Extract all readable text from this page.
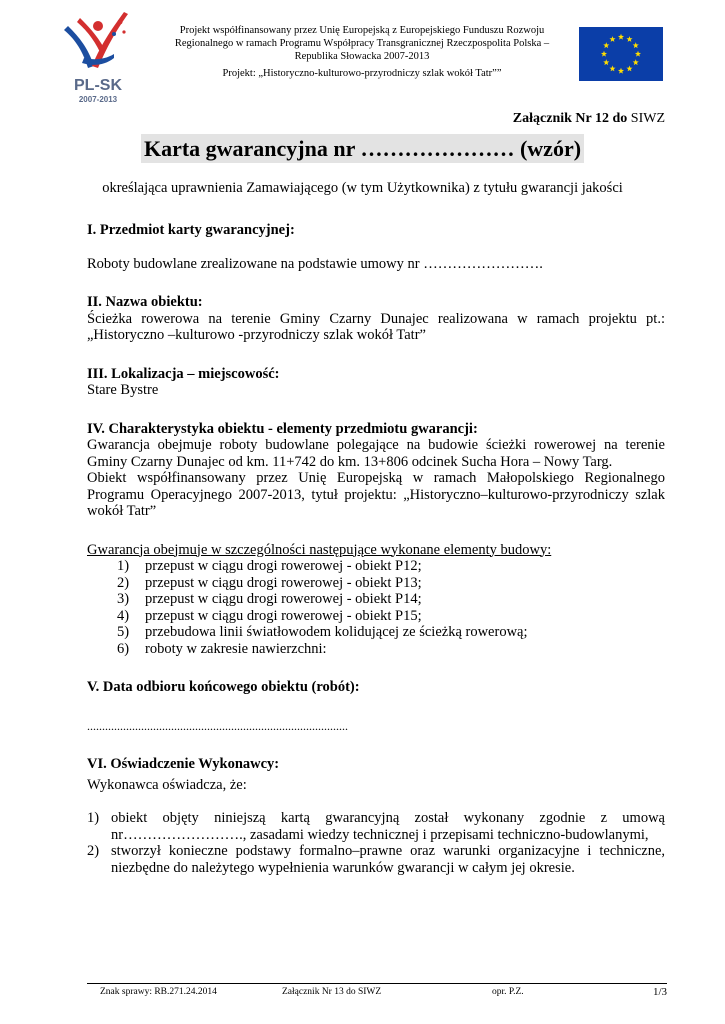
PL-SK
2007-2013

Projekt współfinansowany przez Unię Europejską z Europejskiego Funduszu Rozwoju

Regionalnego w ramach Programu Współpracy Transgranicznej Rzeczpospolita Polska –

Republika Słowacka 2007-2013

Projekt: „Historyczno-kulturowo-przyrodniczy szlak wokół Tatr””

Załącznik Nr 12 do SIWZ
Karta gwarancyjna nr ………………… (wzór)
określająca uprawnienia Zamawiającego (w tym Użytkownika) z tytułu gwarancji jakości

I. Przedmiot karty gwarancyjnej:

Roboty budowlane zrealizowane na podstawie umowy nr …………………….

II. Nazwa obiektu:

Ścieżka rowerowa na terenie Gminy Czarny Dunajec realizowana w ramach projektu pt.: „Historyczno –kulturowo -przyrodniczy szlak wokół Tatr”

III. Lokalizacja – miejscowość:

Stare Bystre

IV. Charakterystyka obiektu - elementy przedmiotu gwarancji:

Gwarancja obejmuje roboty budowlane polegające na budowie ścieżki rowerowej na terenie Gminy Czarny Dunajec od km. 11+742 do km. 13+806 odcinek Sucha Hora – Nowy Targ.

Obiekt współfinansowany przez Unię Europejską w ramach Małopolskiego Regionalnego Programu Operacyjnego 2007-2013, tytuł projektu: „Historyczno–kulturowo-przyrodniczy szlak wokół Tatr”

Gwarancja obejmuje w szczególności następujące wykonane elementy budowy:

1) przepust w ciągu drogi rowerowej - obiekt P12;
2) przepust w ciągu drogi rowerowej - obiekt P13;
3) przepust w ciągu drogi rowerowej - obiekt P14;
4) przepust w ciągu drogi rowerowej - obiekt P15;
5) przebudowa linii światłowodem kolidującej ze ścieżką rowerową;
6) roboty w zakresie nawierzchni:

V. Data odbioru końcowego obiektu (robót):

.......................................................................................

VI. Oświadczenie Wykonawcy:

Wykonawca oświadcza, że:

1) obiekt objęty niniejszą kartą gwarancyjną został wykonany zgodnie z umową nr……………………., zasadami wiedzy technicznej i przepisami techniczno-budowlanymi,
2) stworzył konieczne podstawy formalno–prawne oraz warunki organizacyjne i techniczne, niezbędne do należytego wypełnienia warunków gwarancji w całym jej okresie.
Znak sprawy: RB.271.24.2014	Załącznik Nr 13 do SIWZ	opr. P.Z.	1/3
